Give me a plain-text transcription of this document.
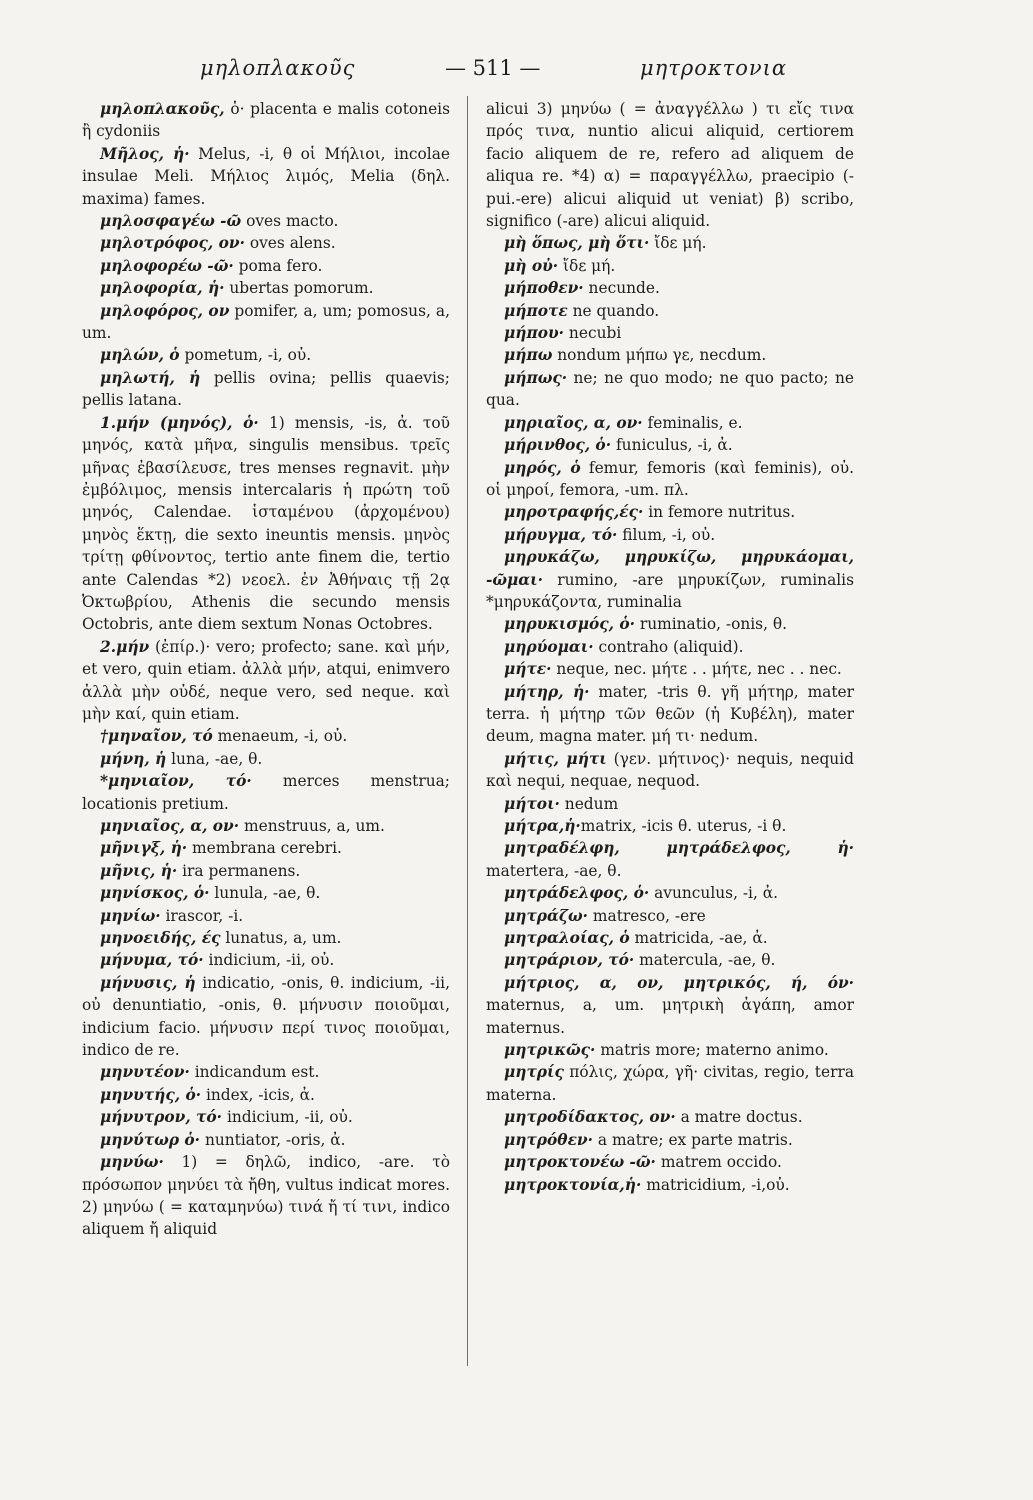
μηλοπλακοῦς	— 511 —	μητροκτονια

μηλοπλακοῦς, ὁ· placenta e malis cotoneis ἢ cydoniis

Μῆλος, ἡ· Melus, -i, θ οἱ Μήλιοι, incolae insulae Meli. Μήλιος λιμός, Melia (δηλ. maxima) fames.

μηλοσφαγέω -ῶ oves macto.

μηλοτρόφος, ον· oves alens.

μηλοφορέω -ῶ· poma fero.

μηλοφορία, ἡ· ubertas pomorum.

μηλοφόρος, ον pomifer, a, um; pomosus, a, um.

μηλών, ὁ pometum, -i, οὐ.

μηλωτή, ἡ pellis ovina; pellis quaevis; pellis latana.

1.μήν (μηνός), ὁ· 1) mensis, -is, ἀ. τοῦ μηνός, κατὰ μῆνα, singulis mensibus. τρεῖς μῆνας ἐβασίλευσε, tres menses regnavit. μὴν ἐμβόλιμος, mensis intercalaris ἡ πρώτη τοῦ μηνός, Calendae. ἱσταμένου (ἀρχομένου) μηνὸς ἕκτῃ, die sexto ineuntis mensis. μηνὸς τρίτῃ φθίνοντος, tertio ante finem die, tertio ante Calendas *2) νεοελ. ἐν Ἀθήναις τῇ 2ᾳ Ὀκτωβρίου, Athenis die secundo mensis Octobris, ante diem sextum Nonas Octobres.

2.μήν (ἐπίρ.)· vero; profecto; sane. καὶ μήν, et vero, quin etiam. ἀλλὰ μήν, atqui, enimvero ἀλλὰ μὴν οὐδέ, neque vero, sed neque. καὶ μὴν καί, quin etiam.

†μηναῖον, τό menaeum, -i, οὐ.

μήνη, ἡ luna, -ae, θ.

*μηνιαῖον, τό· merces menstrua; locationis pretium.

μηνιαῖος, α, ον· menstruus, a, um.

μῆνιγξ, ἡ· membrana cerebri.

μῆνις, ἡ· ira permanens.

μηνίσκος, ὁ· lunula, -ae, θ.

μηνίω· irascor, -i.

μηνοειδής, ές lunatus, a, um.

μήνυμα, τό· indicium, -ii, οὐ.

μήνυσις, ἡ indicatio, -onis, θ. indicium, -ii, οὐ denuntiatio, -onis, θ. μήνυσιν ποιοῦμαι, indicium facio. μήνυσιν περί τινος ποιοῦμαι, indico de re.

μηνυτέον· indicandum est.

μηνυτής, ὁ· index, -icis, ἀ.

μήνυτρον, τό· indicium, -ii, οὐ.

μηνύτωρ ὁ· nuntiator, -oris, ἀ.

μηνύω· 1) = δηλῶ, indico, -are. τὸ πρόσωπον μηνύει τὰ ἤθη, vultus indicat mores. 2) μηνύω ( = καταμηνύω) τινά ἤ τί τινι, indico aliquem ἤ aliquid

alicui 3) μηνύω ( = ἀναγγέλλω ) τι εἴς τινα πρός τινα, nuntio alicui aliquid, certiorem facio aliquem de re, refero ad aliquem de aliqua re. *4) α) = παραγγέλλω, praecipio (-pui.-ere) alicui aliquid ut veniat) β) scribo, significo (-are) alicui aliquid.

μὴ ὅπως, μὴ ὅτι· ἴδε μή.

μὴ οὐ· ἴδε μή.

μήποθεν· necunde.

μήποτε ne quando.

μήπου· necubi

μήπω nondum μήπω γε, necdum.

μήπως· ne; ne quo modo; ne quo pacto; ne qua.

μηριαῖος, α, ον· feminalis, e.

μήρινθος, ὁ· funiculus, -i, ἀ.

μηρός, ὁ femur, femoris (καὶ feminis), οὐ. οἱ μηροί, femora, -um. πλ.

μηροτραφής,ές· in femore nutritus.

μήρυγμα, τό· filum, -i, οὐ.

μηρυκάζω, μηρυκίζω, μηρυκάομαι, -ῶμαι· rumino, -are μηρυκίζων, ruminalis *μηρυκάζοντα, ruminalia

μηρυκισμός, ὁ· ruminatio, -onis, θ.

μηρύομαι· contraho (aliquid).

μήτε· neque, nec. μήτε . . μήτε, nec . . nec.

μήτηρ, ἡ· mater, -tris θ. γῆ μήτηρ, mater terra. ἡ μήτηρ τῶν θεῶν (ἡ Κυβέλη), mater deum, magna mater. μή τι· nedum.

μήτις, μήτι (γεν. μήτινος)· nequis, nequid καὶ nequi, nequae, nequod.

μήτοι· nedum

μήτρα,ἡ·matrix, -icis θ. uterus, -i θ.

μητραδέλφη, μητράδελφος, ἡ· matertera, -ae, θ.

μητράδελφος, ὁ· avunculus, -i, ἀ.

μητράζω· matresco, -ere

μητραλοίας, ὁ matricida, -ae, ἀ.

μητράριον, τό· matercula, -ae, θ.

μήτριος, α, ον, μητρικός, ή, όν· maternus, a, um. μητρικὴ ἀγάπη, amor maternus.

μητρικῶς· matris more; materno animo.

μητρίς πόλις, χώρα, γῆ· civitas, regio, terra materna.

μητροδίδακτος, ον· a matre doctus.

μητρόθεν· a matre; ex parte matris.

μητροκτονέω -ῶ· matrem occido.

μητροκτονία,ἡ· matricidium, -i,οὐ.
